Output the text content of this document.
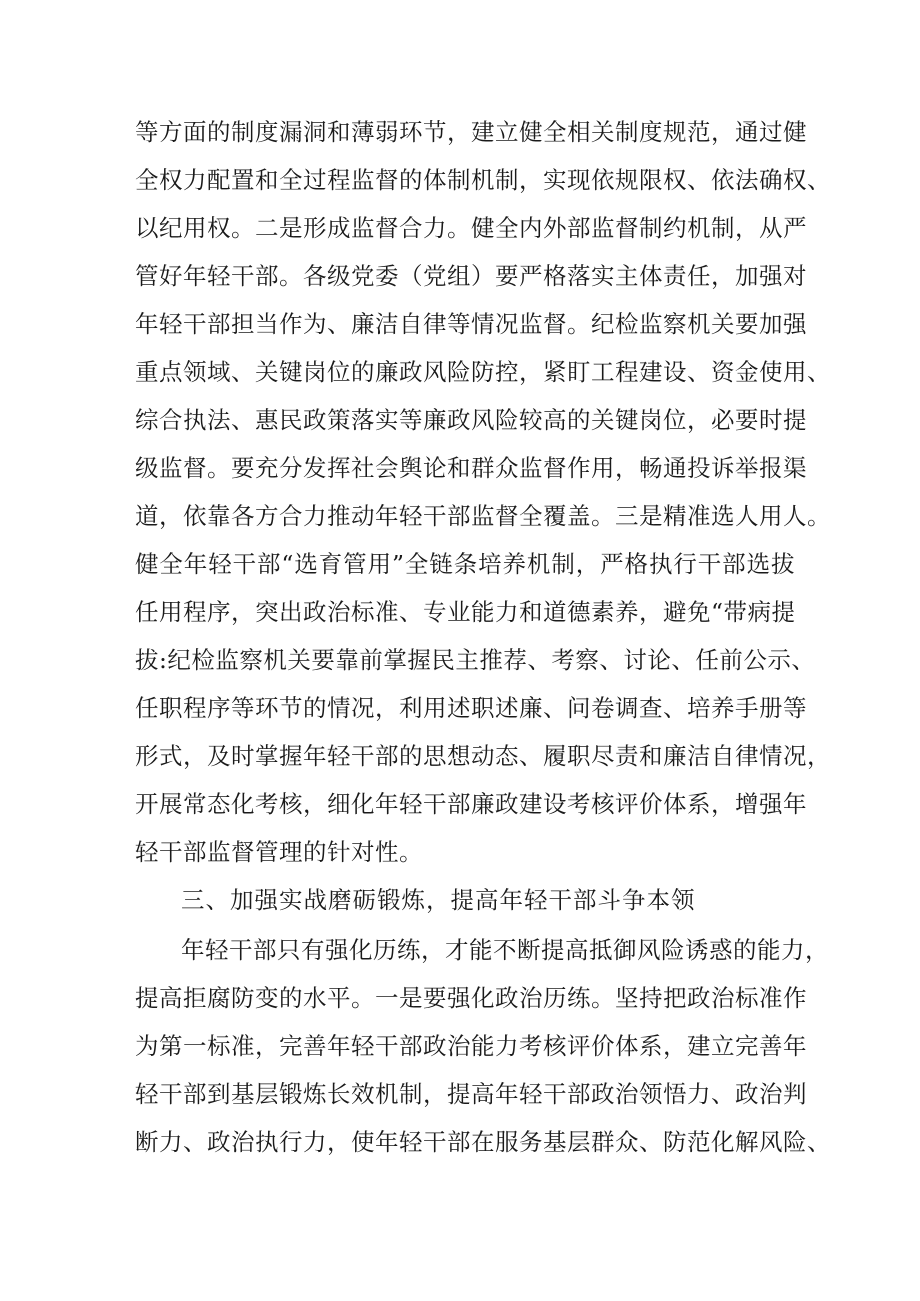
等方面的制度漏洞和薄弱环节，建立健全相关制度规范，通过健
全权力配置和全过程监督的体制机制，实现依规限权、依法确权、
以纪用权。二是形成监督合力。健全内外部监督制约机制，从严
管好年轻干部。各级党委（党组）要严格落实主体责任，加强对
年轻干部担当作为、廉洁自律等情况监督。纪检监察机关要加强
重点领域、关键岗位的廉政风险防控，紧盯工程建设、资金使用、
综合执法、惠民政策落实等廉政风险较高的关键岗位，必要时提
级监督。要充分发挥社会舆论和群众监督作用，畅通投诉举报渠
道，依靠各方合力推动年轻干部监督全覆盖。三是精准选人用人。
健全年轻干部“选育管用”全链条培养机制，严格执行干部选拔
任用程序，突出政治标准、专业能力和道德素养，避免“带病提
拔:纪检监察机关要靠前掌握民主推荐、考察、讨论、任前公示、
任职程序等环节的情况，利用述职述廉、问卷调查、培养手册等
形式，及时掌握年轻干部的思想动态、履职尽责和廉洁自律情况，
开展常态化考核，细化年轻干部廉政建设考核评价体系，增强年
轻干部监督管理的针对性。
三、加强实战磨砺锻炼，提高年轻干部斗争本领
年轻干部只有强化历练，才能不断提高抵御风险诱惑的能力，
提高拒腐防变的水平。一是要强化政治历练。坚持把政治标准作
为第一标准，完善年轻干部政治能力考核评价体系，建立完善年
轻干部到基层锻炼长效机制，提高年轻干部政治领悟力、政治判
断力、政治执行力，使年轻干部在服务基层群众、防范化解风险、
